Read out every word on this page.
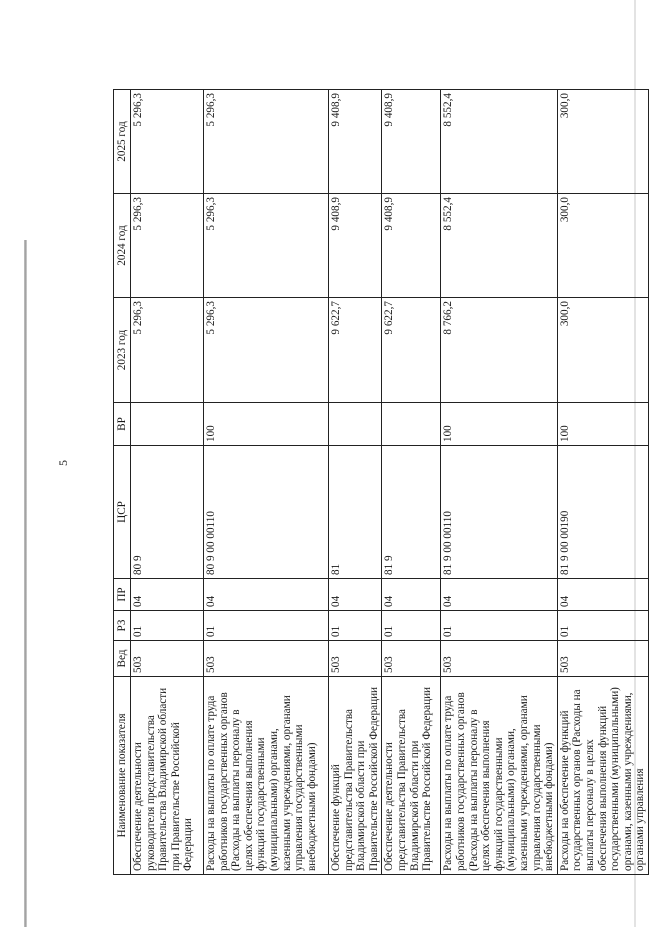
5
Наименование показателя	Вед	РЗ	ПР	ЦСР	ВР	2023 год	2024 год	2025 год
Обеспечение деятельности руководителя представительства Правительства Владимирской области при Правительстве Российской Федерации	503	01	04	80 9		5 296,3	5 296,3	5 296,3
Расходы на выплаты по оплате труда работников государственных органов (Расходы на выплаты персоналу в целях обеспечения выполнения функций государственными (муниципальными) органами, казенными учреждениями, органами управления государственными внебюджетными фондами)	503	01	04	80 9 00 00110	100	5 296,3	5 296,3	5 296,3
Обеспечение функций представительства Правительства Владимирской области при Правительстве Российской Федерации	503	01	04	81		9 622,7	9 408,9	9 408,9
Обеспечение деятельности представительства Правительства Владимирской области при Правительстве Российской Федерации	503	01	04	81 9		9 622,7	9 408,9	9 408,9
Расходы на выплаты по оплате труда работников государственных органов (Расходы на выплаты персоналу в целях обеспечения выполнения функций государственными (муниципальными) органами, казенными учреждениями, органами управления государственными внебюджетными фондами)	503	01	04	81 9 00 00110	100	8 766,2	8 552,4	8 552,4
Расходы на обеспечение функций государственных органов (Расходы на выплаты персоналу в целях обеспечения выполнения функций государственными (муниципальными) органами, казенными учреждениями, органами управления	503	01	04	81 9 00 00190	100	300,0	300,0	300,0
